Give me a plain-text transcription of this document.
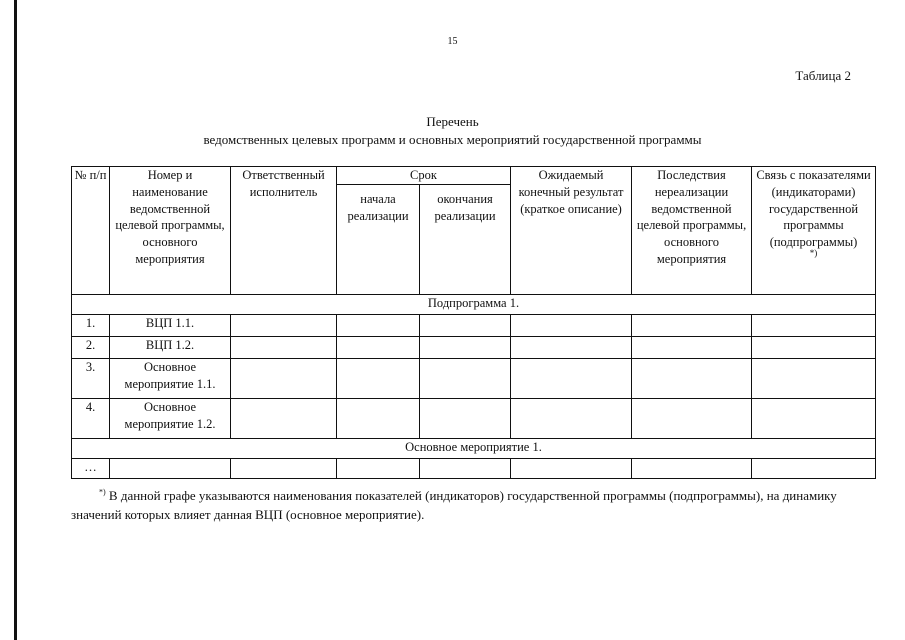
15
Таблица 2
Перечень
ведомственных целевых программ и основных мероприятий государственной программы
№ п/п	Номер и наименование ведомственной целевой программы, основного мероприятия	Ответственный исполнитель	Срок		Ожидаемый конечный результат (краткое описание)	Последствия нереализации ведомственной целевой программы, основного мероприятия	Связь с показателями (индикаторами) государственной программы (подпрограммы)
*)

			начала реализации	окончания реализации			
Подпрограмма 1.							
1.	ВЦП 1.1.						
2.	ВЦП 1.2.						
3.	Основное мероприятие 1.1.						
4.	Основное мероприятие 1.2.						
Основное мероприятие 1.							
…							
*) В данной графе указываются наименования показателей (индикаторов) государственной программы (подпрограммы), на динамику значений которых влияет данная ВЦП (основное мероприятие).
